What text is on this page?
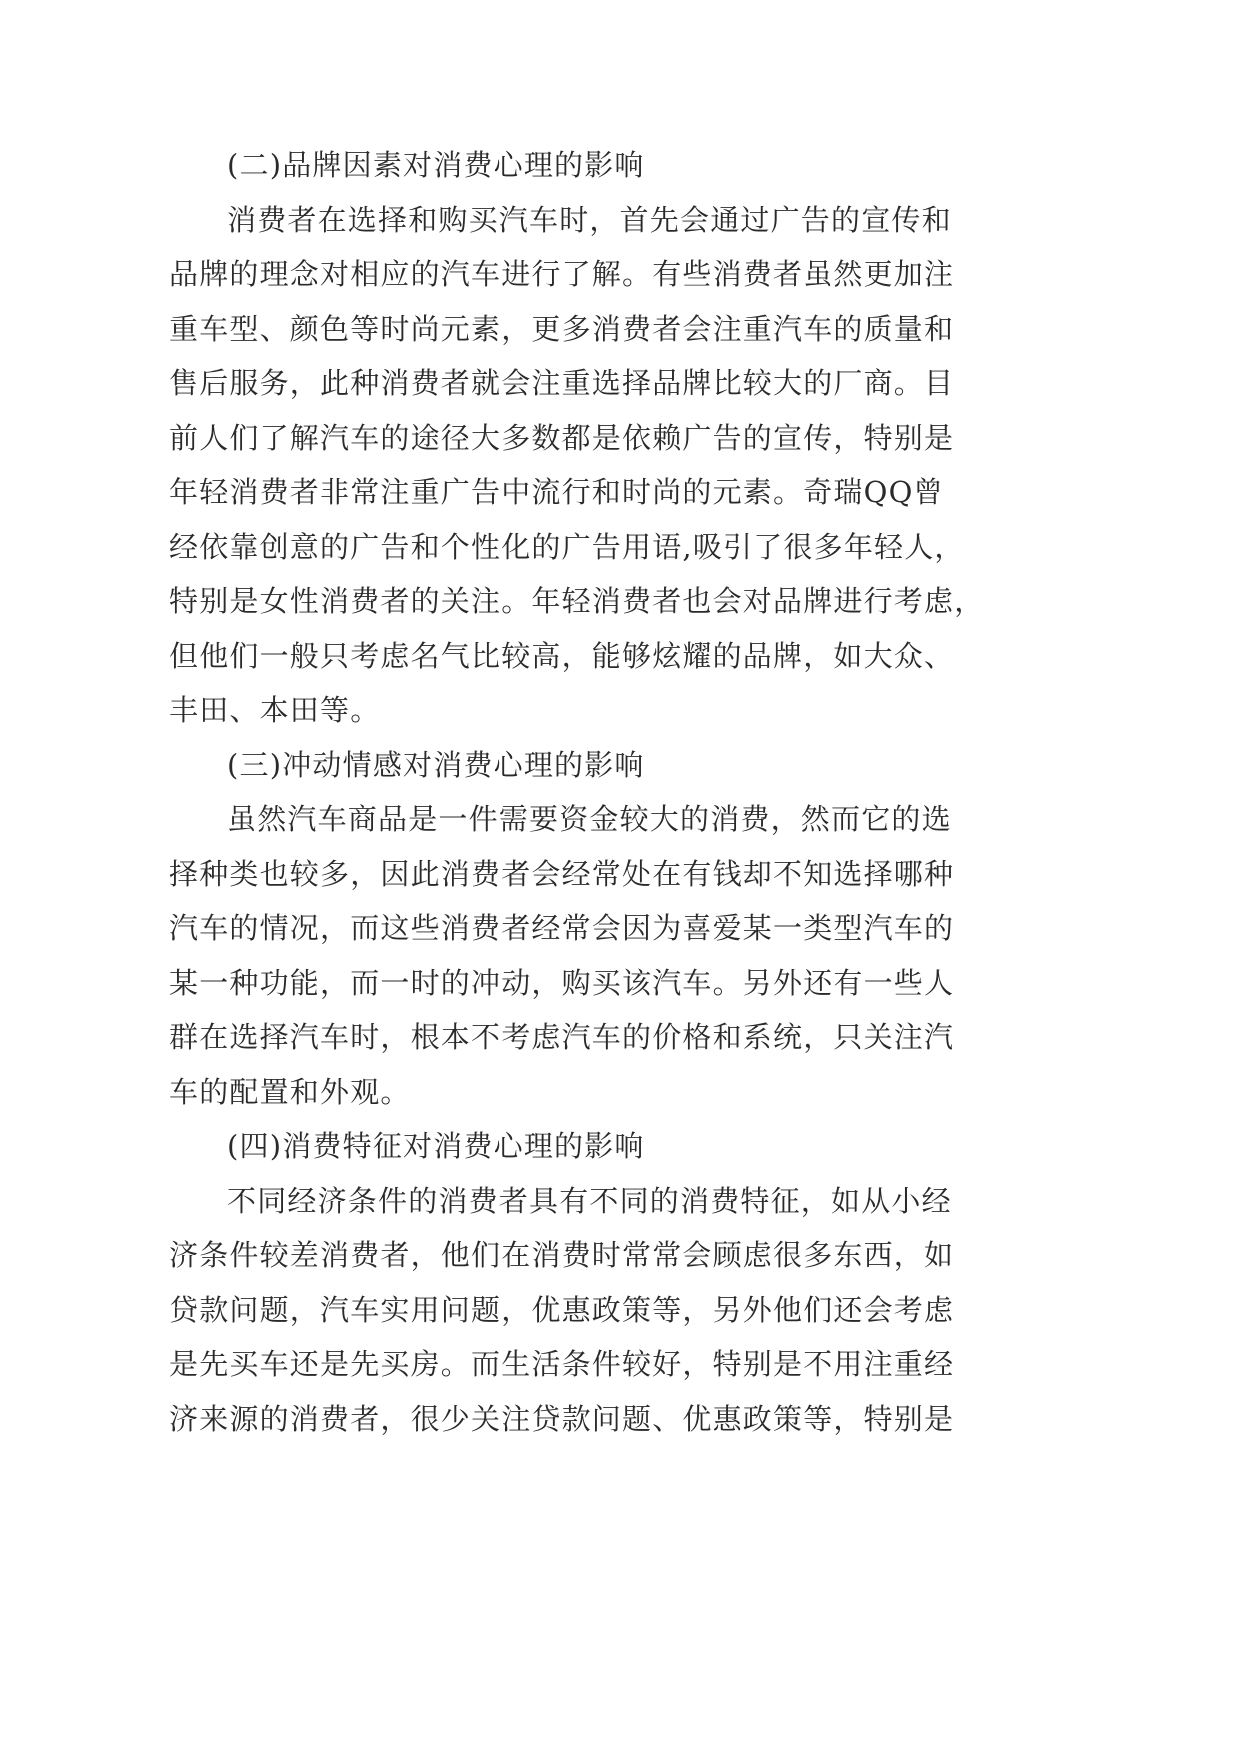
(二)品牌因素对消费心理的影响
消费者在选择和购买汽车时，首先会通过广告的宣传和
品牌的理念对相应的汽车进行了解。有些消费者虽然更加注
重车型、颜色等时尚元素，更多消费者会注重汽车的质量和
售后服务，此种消费者就会注重选择品牌比较大的厂商。目
前人们了解汽车的途径大多数都是依赖广告的宣传，特别是
年轻消费者非常注重广告中流行和时尚的元素。奇瑞QQ曾
经依靠创意的广告和个性化的广告用语,吸引了很多年轻人，
特别是女性消费者的关注。年轻消费者也会对品牌进行考虑，
但他们一般只考虑名气比较高，能够炫耀的品牌，如大众、
丰田、本田等。
(三)冲动情感对消费心理的影响
虽然汽车商品是一件需要资金较大的消费，然而它的选
择种类也较多，因此消费者会经常处在有钱却不知选择哪种
汽车的情况，而这些消费者经常会因为喜爱某一类型汽车的
某一种功能，而一时的冲动，购买该汽车。另外还有一些人
群在选择汽车时，根本不考虑汽车的价格和系统，只关注汽
车的配置和外观。
(四)消费特征对消费心理的影响
不同经济条件的消费者具有不同的消费特征，如从小经
济条件较差消费者，他们在消费时常常会顾虑很多东西，如
贷款问题，汽车实用问题，优惠政策等，另外他们还会考虑
是先买车还是先买房。而生活条件较好，特别是不用注重经
济来源的消费者，很少关注贷款问题、优惠政策等，特别是
